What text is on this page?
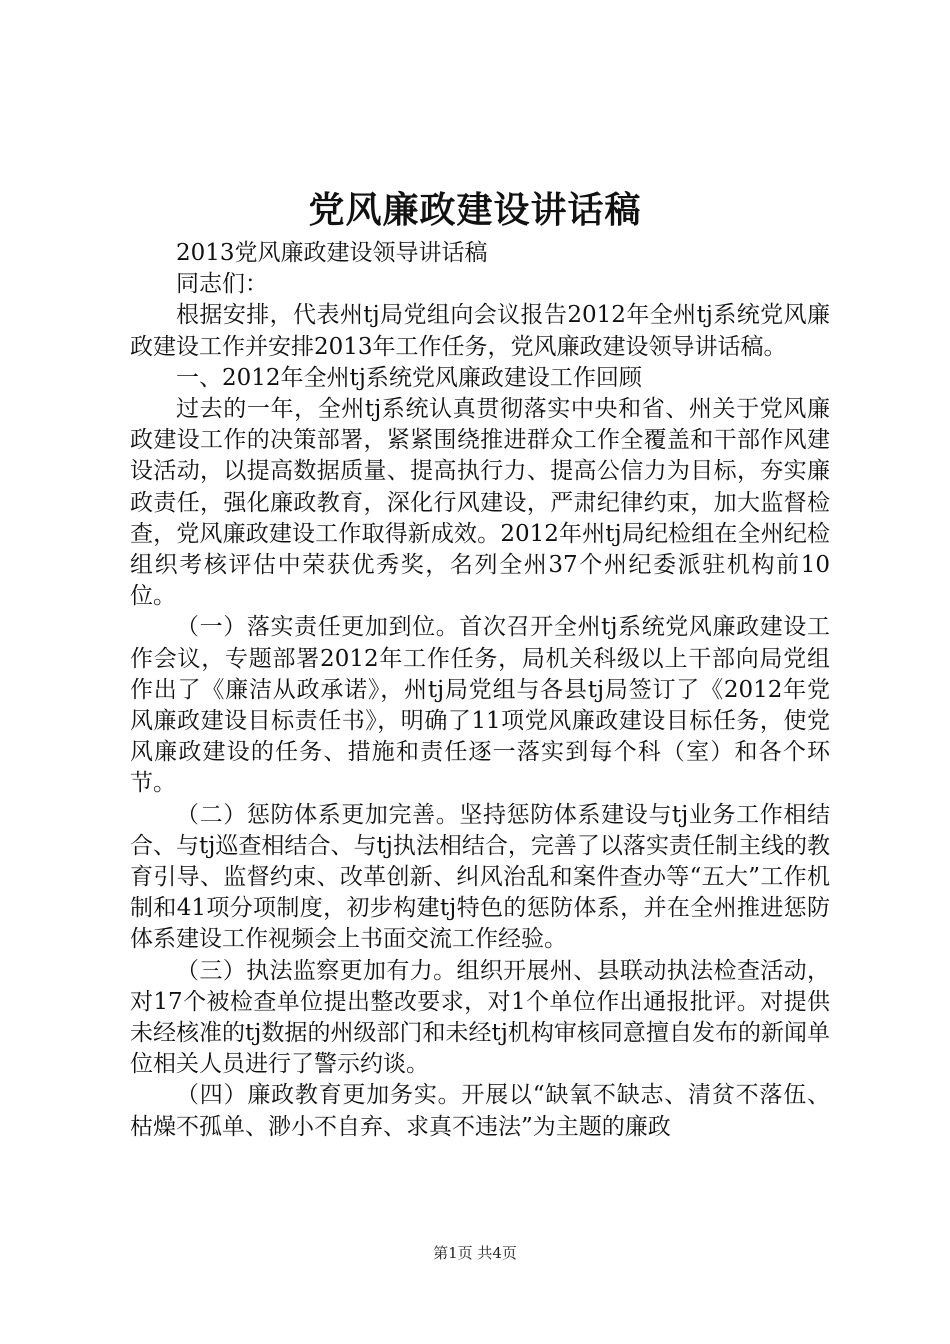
党风廉政建设讲话稿

2013党风廉政建设领导讲话稿

同志们：

根据安排，代表州tj局党组向会议报告2012年全州tj系统党风廉政建设工作并安排2013年工作任务，党风廉政建设领导讲话稿。

一、2012年全州tj系统党风廉政建设工作回顾

过去的一年，全州tj系统认真贯彻落实中央和省、州关于党风廉政建设工作的决策部署，紧紧围绕推进群众工作全覆盖和干部作风建设活动，以提高数据质量、提高执行力、提高公信力为目标，夯实廉政责任，强化廉政教育，深化行风建设，严肃纪律约束，加大监督检查，党风廉政建设工作取得新成效。2012年州tj局纪检组在全州纪检组织考核评估中荣获优秀奖，名列全州37个州纪委派驻机构前10位。

（一）落实责任更加到位。首次召开全州tj系统党风廉政建设工作会议，专题部署2012年工作任务，局机关科级以上干部向局党组作出了《廉洁从政承诺》，州tj局党组与各县tj局签订了《2012年党风廉政建设目标责任书》，明确了11项党风廉政建设目标任务，使党风廉政建设的任务、措施和责任逐一落实到每个科（室）和各个环节。

（二）惩防体系更加完善。坚持惩防体系建设与tj业务工作相结合、与tj巡查相结合、与tj执法相结合，完善了以落实责任制主线的教育引导、监督约束、改革创新、纠风治乱和案件查办等“五大”工作机制和41项分项制度，初步构建tj特色的惩防体系，并在全州推进惩防体系建设工作视频会上书面交流工作经验。

（三）执法监察更加有力。组织开展州、县联动执法检查活动，对17个被检查单位提出整改要求，对1个单位作出通报批评。对提供未经核准的tj数据的州级部门和未经tj机构审核同意擅自发布的新闻单位相关人员进行了警示约谈。

（四）廉政教育更加务实。开展以“缺氧不缺志、清贫不落伍、枯燥不孤单、渺小不自弃、求真不违法”为主题的廉政

第1页 共4页
